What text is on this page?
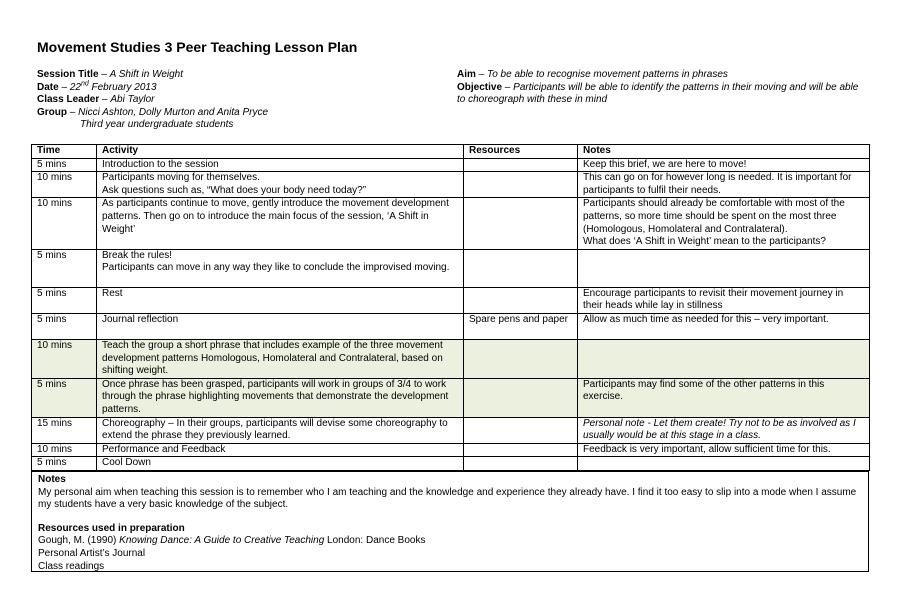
Movement Studies 3 Peer Teaching Lesson Plan
Session Title – A Shift in Weight
Date – 22nd February 2013
Class Leader – Abi Taylor
Group – Nicci Ashton, Dolly Murton and Anita Pryce
Third year undergraduate students
Aim – To be able to recognise movement patterns in phrases
Objective – Participants will be able to identify the patterns in their moving and will be able to choreograph with these in mind
Time	Activity	Resources	Notes
5 mins	Introduction to the session		Keep this brief, we are here to move!
10 mins	Participants moving for themselves.
Ask questions such as, “What does your body need today?”		This can go on for however long is needed. It is important for participants to fulfil their needs.
10 mins	As participants continue to move, gently introduce the movement development patterns. Then go on to introduce the main focus of the session, ‘A Shift in Weight’		Participants should already be comfortable with most of the patterns, so more time should be spent on the most three (Homologous, Homolateral and Contralateral).
What does ‘A Shift in Weight’ mean to the participants?
5 mins	Break the rules!
Participants can move in any way they like to conclude the improvised moving.		
5 mins	Rest		Encourage participants to revisit their movement journey in their heads while lay in stillness
5 mins	Journal reflection	Spare pens and paper	Allow as much time as needed for this – very important.
10 mins	Teach the group a short phrase that includes example of the three movement development patterns Homologous, Homolateral and Contralateral, based on shifting weight.		
5 mins	Once phrase has been grasped, participants will work in groups of 3/4 to work through the phrase highlighting movements that demonstrate the development patterns.		Participants may find some of the other patterns in this exercise.
15 mins	Choreography – In their groups, participants will devise some choreography to extend the phrase they previously learned.		Personal note - Let them create! Try not to be as involved as I usually would be at this stage in a class.
10 mins	Performance and Feedback		Feedback is very important, allow sufficient time for this.
5 mins	Cool Down		
Notes
My personal aim when teaching this session is to remember who I am teaching and the knowledge and experience they already have. I find it too easy to slip into a mode when I assume my students have a very basic knowledge of the subject.
Resources used in preparation
Gough, M. (1990) Knowing Dance: A Guide to Creative Teaching London: Dance Books
Personal Artist’s Journal
Class readings
